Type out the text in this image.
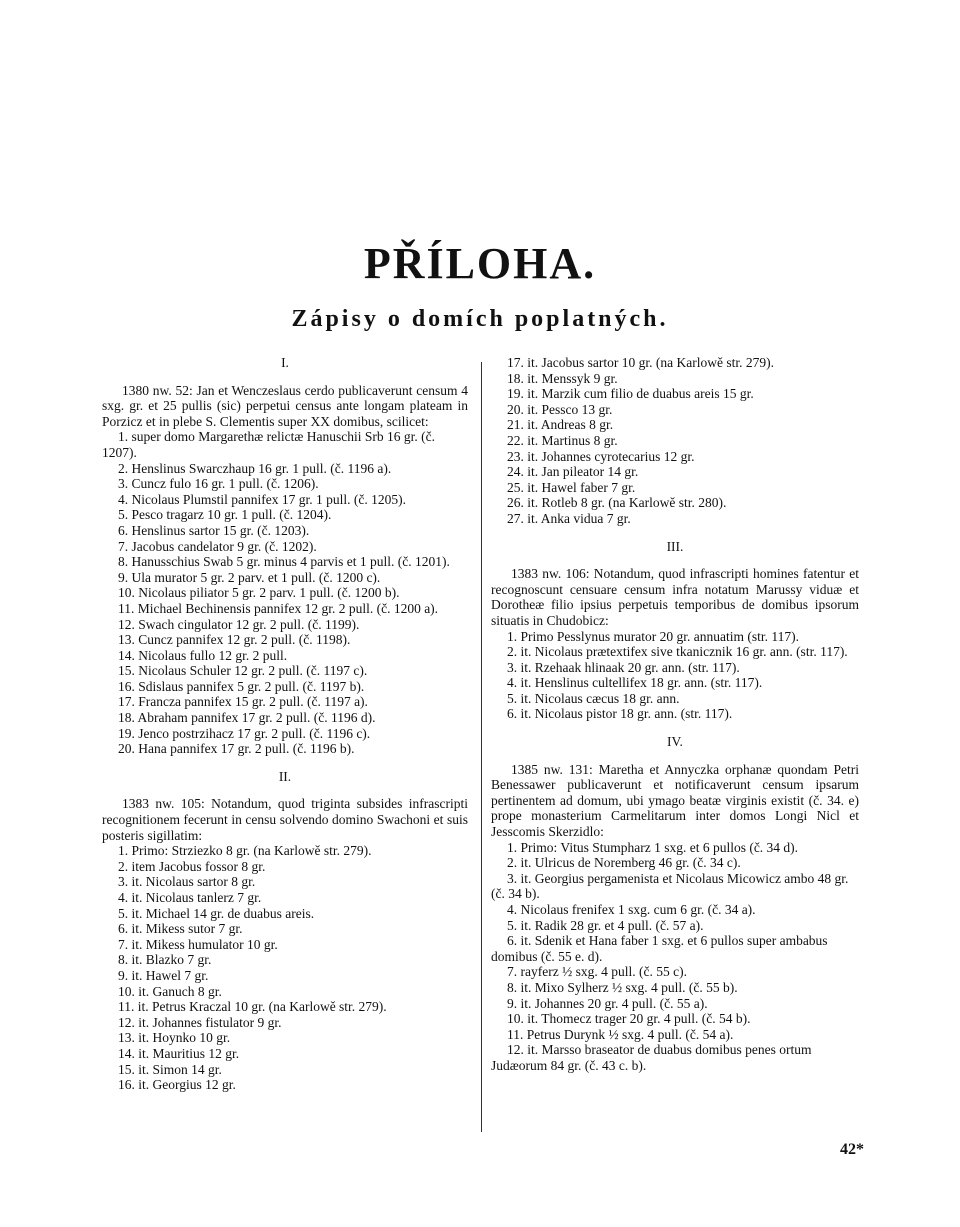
PŘÍLOHA.
Zápisy o domích poplatných.

I.

1380 nw. 52: Jan et Wenczeslaus cerdo publicaverunt censum 4 sxg. gr. et 25 pullis (sic) perpetui census ante longam plateam in Porzicz et in plebe S. Clementis super XX domibus, scilicet:

1. super domo Margarethæ relictæ Hanuschii Srb 16 gr. (č. 1207).

2. Henslinus Swarczhaup 16 gr. 1 pull. (č. 1196 a).

3. Cuncz fulo 16 gr. 1 pull. (č. 1206).

4. Nicolaus Plumstil pannifex 17 gr. 1 pull. (č. 1205).

5. Pesco tragarz 10 gr. 1 pull. (č. 1204).

6. Henslinus sartor 15 gr. (č. 1203).

7. Jacobus candelator 9 gr. (č. 1202).

8. Hanusschius Swab 5 gr. minus 4 parvis et 1 pull. (č. 1201).

9. Ula murator 5 gr. 2 parv. et 1 pull. (č. 1200 c).

10. Nicolaus piliator 5 gr. 2 parv. 1 pull. (č. 1200 b).

11. Michael Bechinensis pannifex 12 gr. 2 pull. (č. 1200 a).

12. Swach cingulator 12 gr. 2 pull. (č. 1199).

13. Cuncz pannifex 12 gr. 2 pull. (č. 1198).

14. Nicolaus fullo 12 gr. 2 pull.

15. Nicolaus Schuler 12 gr. 2 pull. (č. 1197 c).

16. Sdislaus pannifex 5 gr. 2 pull. (č. 1197 b).

17. Francza pannifex 15 gr. 2 pull. (č. 1197 a).

18. Abraham pannifex 17 gr. 2 pull. (č. 1196 d).

19. Jenco postrzihacz 17 gr. 2 pull. (č. 1196 c).

20. Hana pannifex 17 gr. 2 pull. (č. 1196 b).

II.

1383 nw. 105: Notandum, quod triginta subsides infrascripti recognitionem fecerunt in censu solvendo domino Swachoni et suis posteris sigillatim:

1. Primo: Strziezko 8 gr. (na Karlowě str. 279).

2. item Jacobus fossor 8 gr.

3. it. Nicolaus sartor 8 gr.

4. it. Nicolaus tanlerz 7 gr.

5. it. Michael 14 gr. de duabus areis.

6. it. Mikess sutor 7 gr.

7. it. Mikess humulator 10 gr.

8. it. Blazko 7 gr.

9. it. Hawel 7 gr.

10. it. Ganuch 8 gr.

11. it. Petrus Kraczal 10 gr. (na Karlowě str. 279).

12. it. Johannes fistulator 9 gr.

13. it. Hoynko 10 gr.

14. it. Mauritius 12 gr.

15. it. Simon 14 gr.

16. it. Georgius 12 gr.

17. it. Jacobus sartor 10 gr. (na Karlowě str. 279).

18. it. Menssyk 9 gr.

19. it. Marzik cum filio de duabus areis 15 gr.

20. it. Pessco 13 gr.

21. it. Andreas 8 gr.

22. it. Martinus 8 gr.

23. it. Johannes cyrotecarius 12 gr.

24. it. Jan pileator 14 gr.

25. it. Hawel faber 7 gr.

26. it. Rotleb 8 gr. (na Karlowě str. 280).

27. it. Anka vidua 7 gr.

III.

1383 nw. 106: Notandum, quod infrascripti homines fatentur et recognoscunt censuare censum infra notatum Marussy viduæ et Dorotheæ filio ipsius perpetuis temporibus de domibus ipsorum situatis in Chudobicz:

1. Primo Pesslynus murator 20 gr. annuatim (str. 117).

2. it. Nicolaus prætextifex sive tkanicznik 16 gr. ann. (str. 117).

3. it. Rzehaak hlinaak 20 gr. ann. (str. 117).

4. it. Henslinus cultellifex 18 gr. ann. (str. 117).

5. it. Nicolaus cæcus 18 gr. ann.

6. it. Nicolaus pistor 18 gr. ann. (str. 117).

IV.

1385 nw. 131: Maretha et Annyczka orphanæ quondam Petri Benessawer publicaverunt et notificaverunt censum ipsarum pertinentem ad domum, ubi ymago beatæ virginis existit (č. 34. e) prope monasterium Carmelitarum inter domos Longi Nicl et Jesscomis Skerzidlo:

1. Primo: Vitus Stumpharz 1 sxg. et 6 pullos (č. 34 d).

2. it. Ulricus de Noremberg 46 gr. (č. 34 c).

3. it. Georgius pergamenista et Nicolaus Micowicz ambo 48 gr. (č. 34 b).

4. Nicolaus frenifex 1 sxg. cum 6 gr. (č. 34 a).

5. it. Radik 28 gr. et 4 pull. (č. 57 a).

6. it. Sdenik et Hana faber 1 sxg. et 6 pullos super ambabus domibus (č. 55 e. d).

7. rayferz ½ sxg. 4 pull. (č. 55 c).

8. it. Mixo Sylherz ½ sxg. 4 pull. (č. 55 b).

9. it. Johannes 20 gr. 4 pull. (č. 55 a).

10. it. Thomecz trager 20 gr. 4 pull. (č. 54 b).

11. Petrus Durynk ½ sxg. 4 pull. (č. 54 a).

12. it. Marsso braseator de duabus domibus penes ortum Judæorum 84 gr. (č. 43 c. b).

42*
